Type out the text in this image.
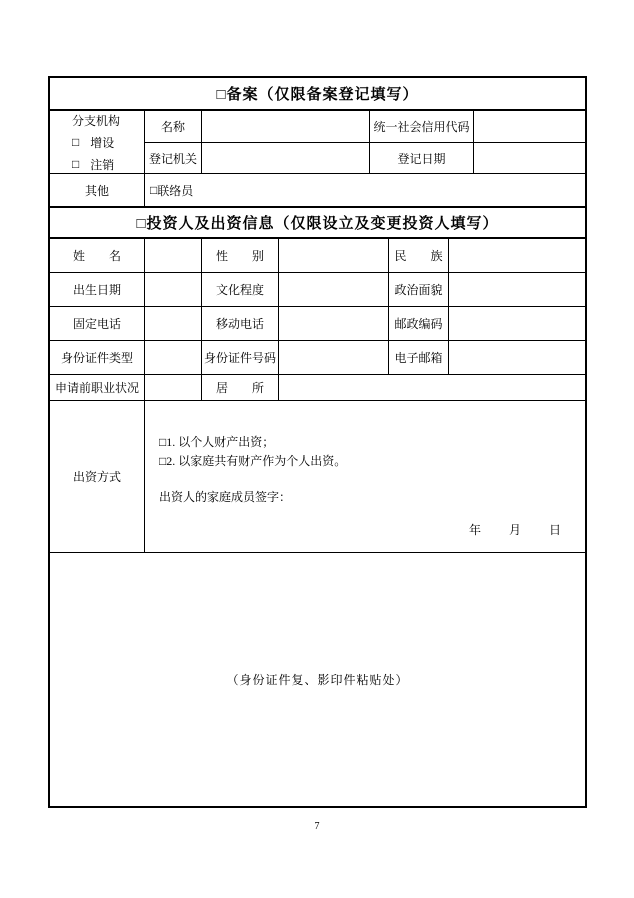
□备案（仅限备案登记填写）
分支机构
□ 增设
□ 注销
名称	统一社会信用代码
登记机关	登记日期
其他	□ 联络员
□投资人及出资信息（仅限设立及变更投资人填写）
姓　　名	性　　别	民　　族
出生日期	文化程度	政治面貌
固定电话	移动电话	邮政编码
身份证件类型	身份证件号码	电子邮箱
申请前职业状况	居　　所
出资方式
□1. 以个人财产出资；
□2. 以家庭共有财产作为个人出资。
出资人的家庭成员签字：
年 月 日
（身份证件复、影印件粘贴处）
7
